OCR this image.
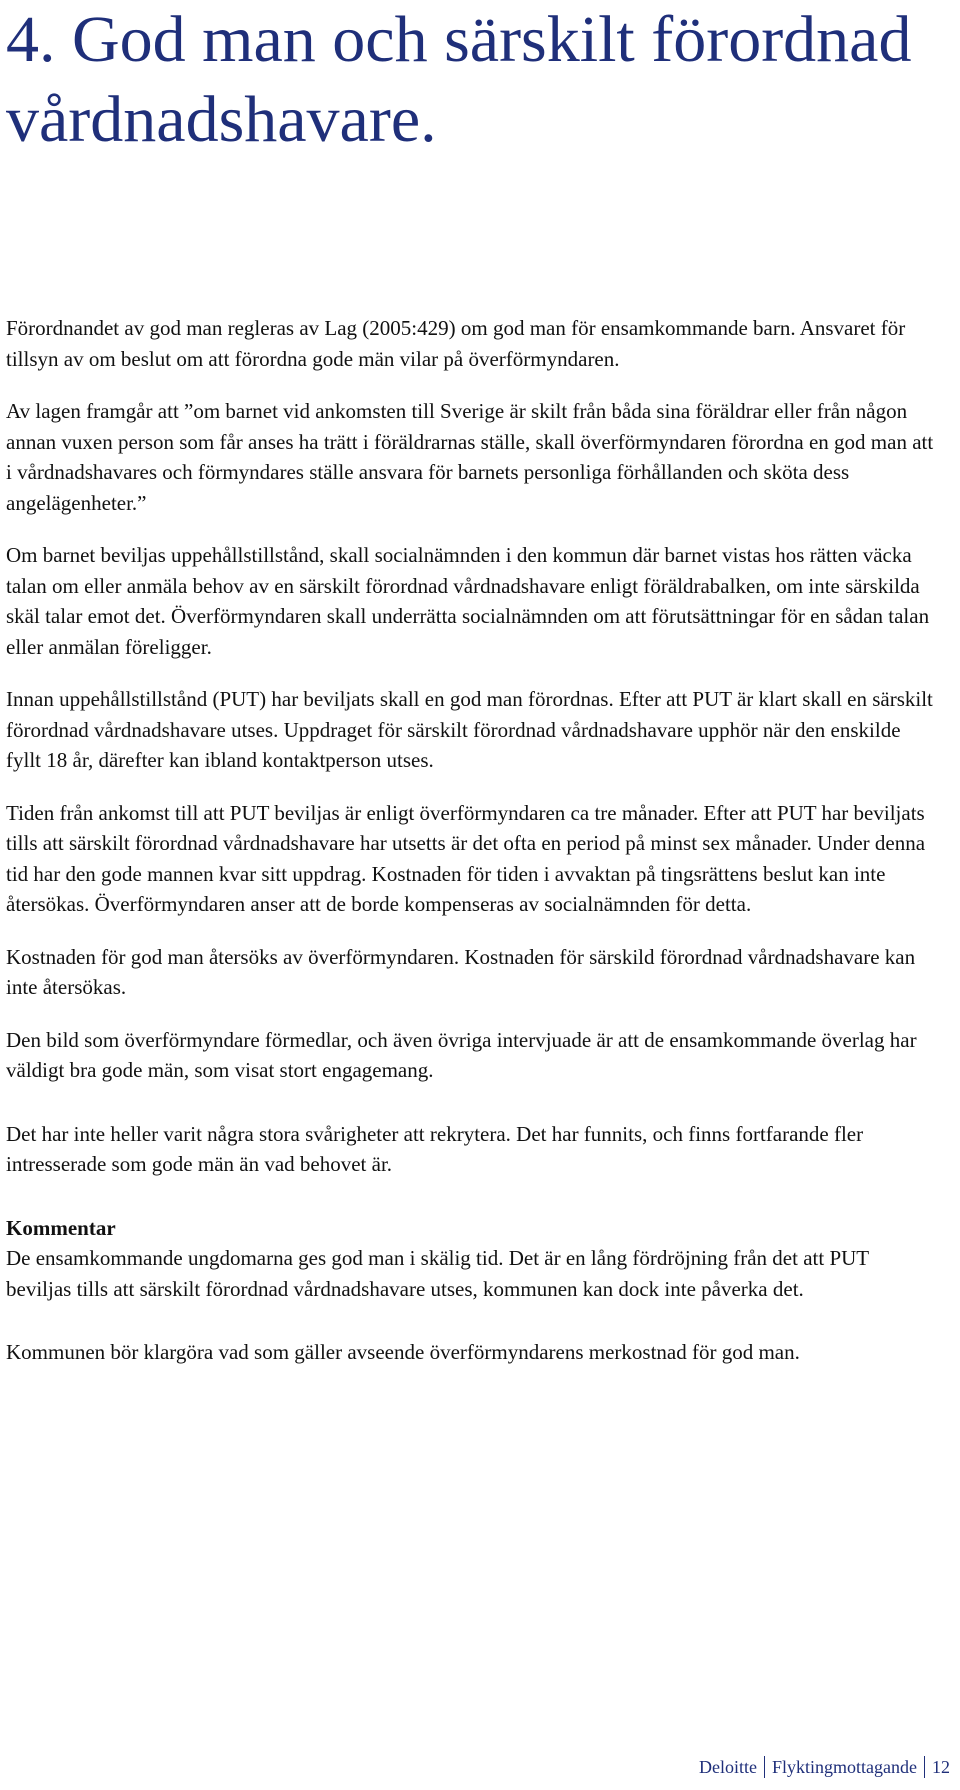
4. God man och särskilt förordnad vårdnadshavare.

Förordnandet av god man regleras av Lag (2005:429) om god man för ensamkommande barn. Ansvaret för tillsyn av om beslut om att förordna gode män vilar på överförmyndaren.

Av lagen framgår att ”om barnet vid ankomsten till Sverige är skilt från båda sina föräldrar eller från någon annan vuxen person som får anses ha trätt i föräldrarnas ställe, skall överförmyndaren förordna en god man att i vårdnadshavares och förmyndares ställe ansvara för barnets personliga förhållanden och sköta dess angelägenheter.”

Om barnet beviljas uppehållstillstånd, skall socialnämnden i den kommun där barnet vistas hos rätten väcka talan om eller anmäla behov av en särskilt förordnad vårdnadshavare enligt föräldrabalken, om inte särskilda skäl talar emot det. Överförmyndaren skall underrätta socialnämnden om att förutsättningar för en sådan talan eller anmälan föreligger.

Innan uppehållstillstånd (PUT) har beviljats skall en god man förordnas. Efter att PUT är klart skall en särskilt förordnad vårdnadshavare utses. Uppdraget för särskilt förordnad vårdnadshavare upphör när den enskilde fyllt 18 år, därefter kan ibland kontaktperson utses.

Tiden från ankomst till att PUT beviljas är enligt överförmyndaren ca tre månader. Efter att PUT har beviljats tills att särskilt förordnad vårdnadshavare har utsetts är det ofta en period på minst sex månader. Under denna tid har den gode mannen kvar sitt uppdrag. Kostnaden för tiden i avvaktan på tingsrättens beslut kan inte återsökas. Överförmyndaren anser att de borde kompenseras av socialnämnden för detta.

Kostnaden för god man återsöks av överförmyndaren. Kostnaden för särskild förordnad vårdnadshavare kan inte återsökas.

Den bild som överförmyndare förmedlar, och även övriga intervjuade är att de ensamkommande överlag har väldigt bra gode män, som visat stort engagemang.

Det har inte heller varit några stora svårigheter att rekrytera. Det har funnits, och finns fortfarande fler intresserade som gode män än vad behovet är.

Kommentar

De ensamkommande ungdomarna ges god man i skälig tid. Det är en lång fördröjning från det att PUT beviljas tills att särskilt förordnad vårdnadshavare utses, kommunen kan dock inte påverka det.

Kommunen bör klargöra vad som gäller avseende överförmyndarens merkostnad för god man.

Deloitte Flyktingmottagande 12
